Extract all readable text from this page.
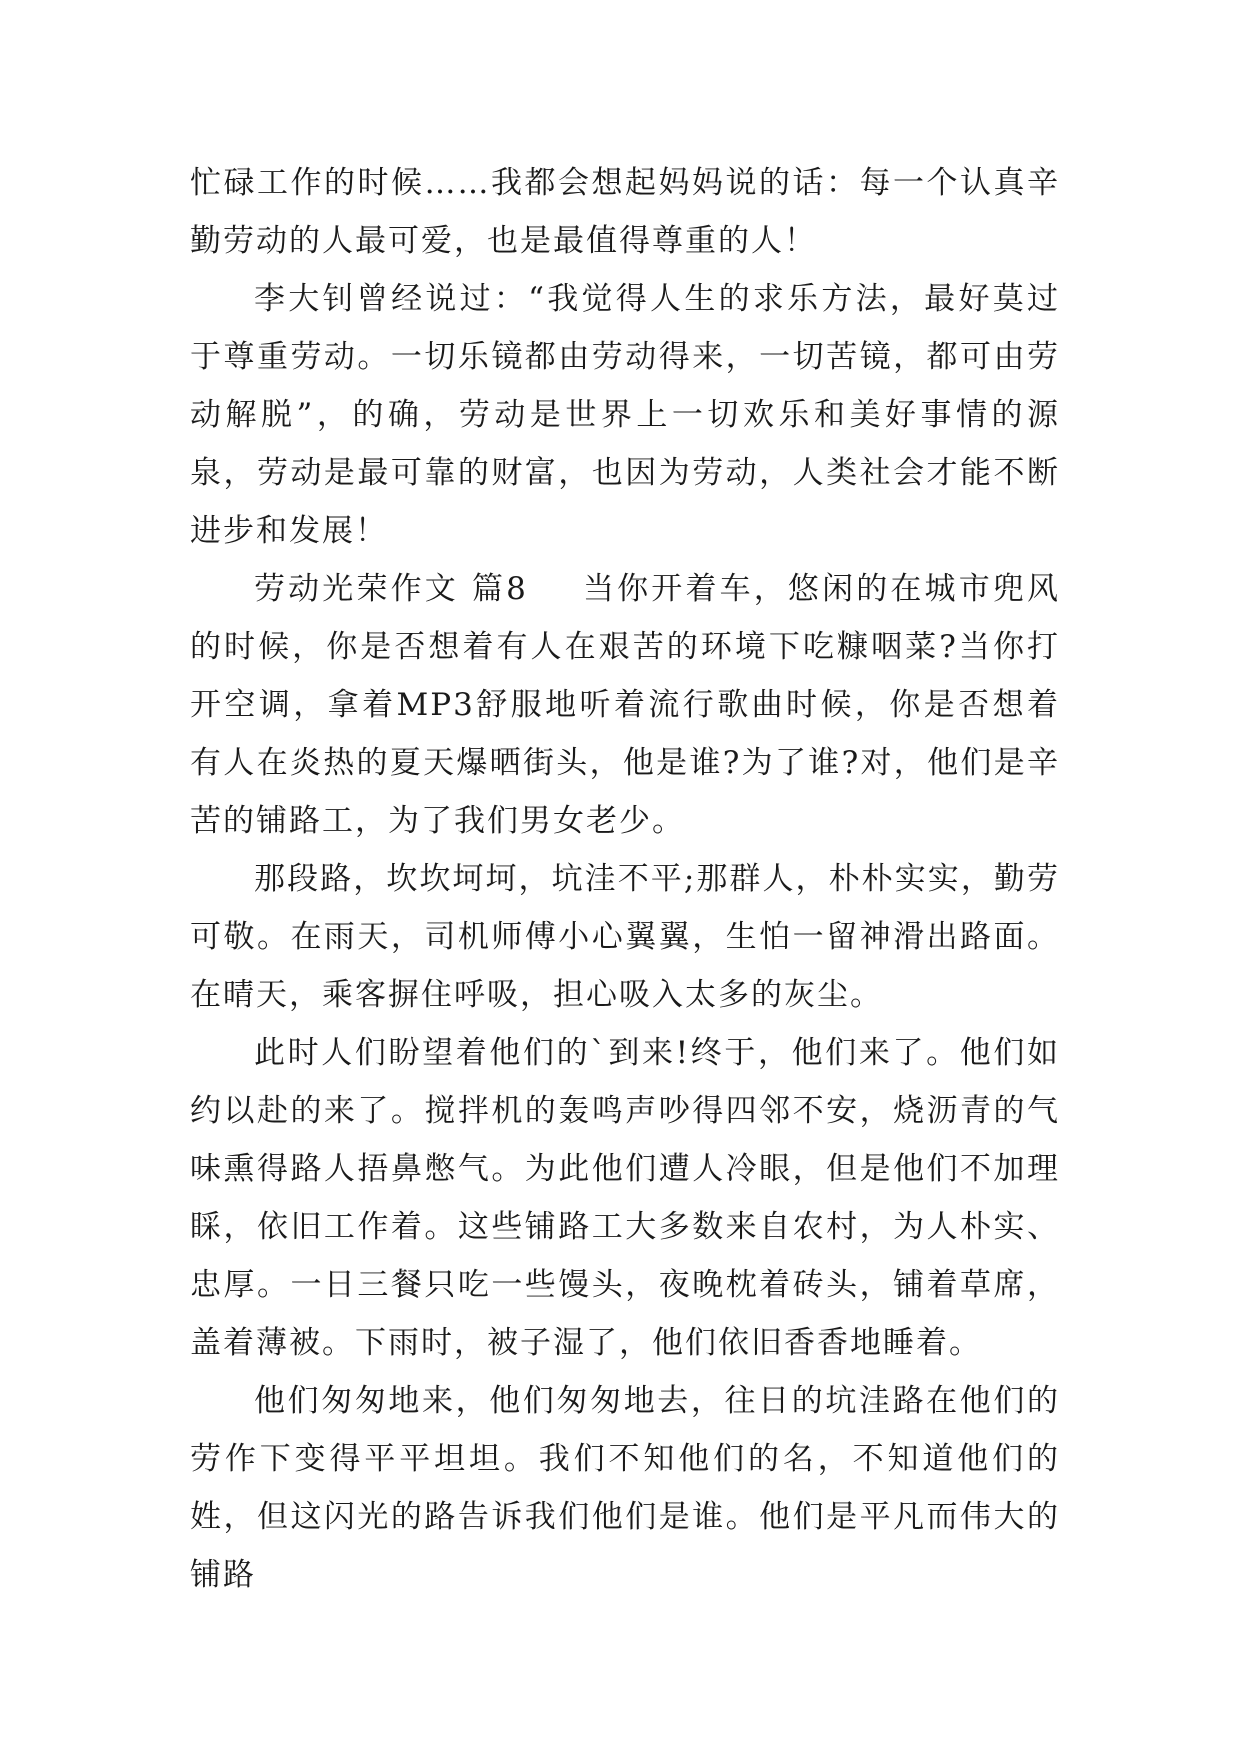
忙碌工作的时候……我都会想起妈妈说的话：每一个认真辛勤劳动的人最可爱，也是最值得尊重的人！

李大钊曾经说过：“我觉得人生的求乐方法，最好莫过于尊重劳动。一切乐镜都由劳动得来，一切苦镜，都可由劳动解脱”，的确，劳动是世界上一切欢乐和美好事情的源泉，劳动是最可靠的财富，也因为劳动，人类社会才能不断进步和发展！

劳动光荣作文 篇8 当你开着车，悠闲的在城市兜风的时候，你是否想着有人在艰苦的环境下吃糠咽菜?当你打开空调，拿着MP3舒服地听着流行歌曲时候，你是否想着有人在炎热的夏天爆晒街头，他是谁?为了谁?对，他们是辛苦的铺路工，为了我们男女老少。

那段路，坎坎坷坷，坑洼不平;那群人，朴朴实实，勤劳可敬。在雨天，司机师傅小心翼翼，生怕一留神滑出路面。在晴天，乘客摒住呼吸，担心吸入太多的灰尘。

此时人们盼望着他们的`到来!终于，他们来了。他们如约以赴的来了。搅拌机的轰鸣声吵得四邻不安，烧沥青的气味熏得路人捂鼻憋气。为此他们遭人冷眼，但是他们不加理睬，依旧工作着。这些铺路工大多数来自农村，为人朴实、忠厚。一日三餐只吃一些馒头，夜晚枕着砖头，铺着草席，盖着薄被。下雨时，被子湿了，他们依旧香香地睡着。

他们匆匆地来，他们匆匆地去，往日的坑洼路在他们的劳作下变得平平坦坦。我们不知他们的名，不知道他们的姓，但这闪光的路告诉我们他们是谁。他们是平凡而伟大的铺路
